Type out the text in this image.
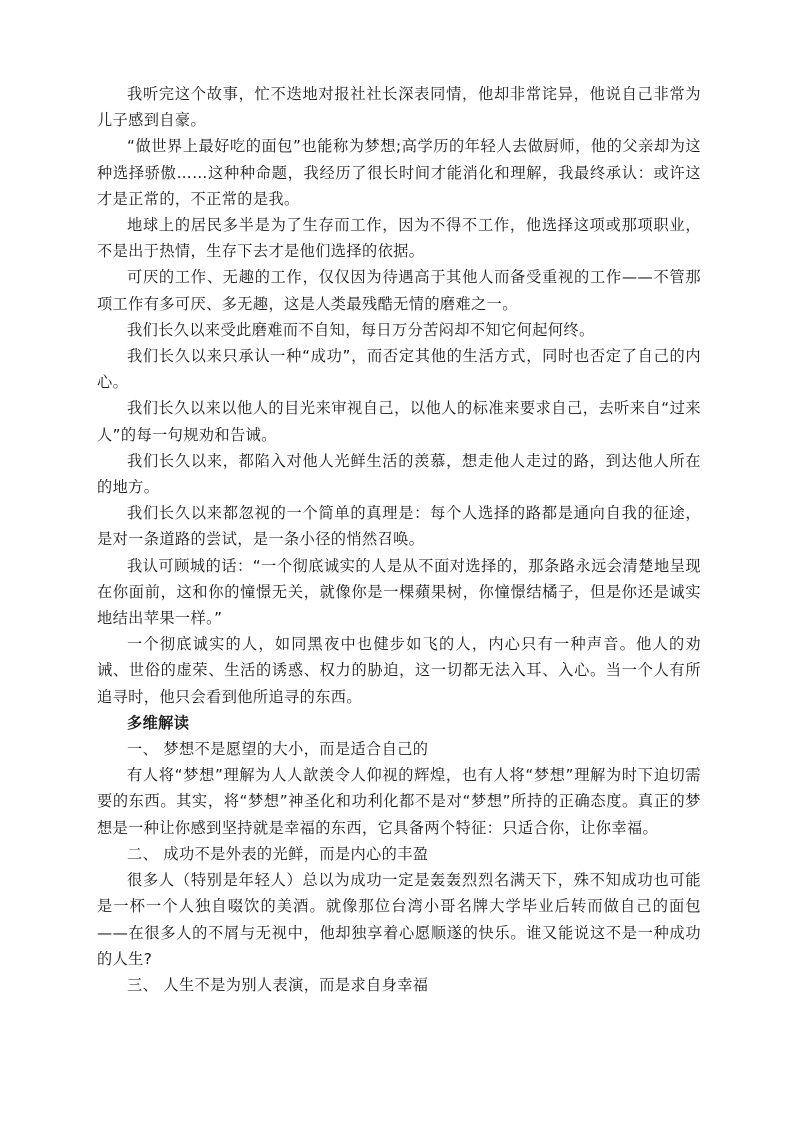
我听完这个故事，忙不迭地对报社社长深表同情，他却非常诧异，他说自己非常为儿子感到自豪。

“做世界上最好吃的面包”也能称为梦想;高学历的年轻人去做厨师，他的父亲却为这种选择骄傲……这种种命题，我经历了很长时间才能消化和理解，我最终承认：或许这才是正常的，不正常的是我。

地球上的居民多半是为了生存而工作，因为不得不工作，他选择这项或那项职业，不是出于热情，生存下去才是他们选择的依据。

可厌的工作、无趣的工作，仅仅因为待遇高于其他人而备受重视的工作——不管那项工作有多可厌、多无趣，这是人类最残酷无情的磨难之一。

我们长久以来受此磨难而不自知，每日万分苦闷却不知它何起何终。

我们长久以来只承认一种“成功”，而否定其他的生活方式，同时也否定了自己的内心。

我们长久以来以他人的目光来审视自己，以他人的标准来要求自己，去听来自“过来人”的每一句规劝和告诫。

我们长久以来，都陷入对他人光鲜生活的羡慕，想走他人走过的路，到达他人所在的地方。

我们长久以来都忽视的一个简单的真理是：每个人选择的路都是通向自我的征途，是对一条道路的尝试，是一条小径的悄然召唤。

我认可顾城的话：“一个彻底诚实的人是从不面对选择的，那条路永远会清楚地呈现在你面前，这和你的憧憬无关，就像你是一棵蘋果树，你憧憬结橘子，但是你还是诚实地结出苹果一样。”

一个彻底诚实的人，如同黑夜中也健步如飞的人，内心只有一种声音。他人的劝诫、世俗的虚荣、生活的诱惑、权力的胁迫，这一切都无法入耳、入心。当一个人有所追寻时，他只会看到他所追寻的东西。

多维解读

一、 梦想不是愿望的大小，而是适合自己的

有人将“梦想”理解为人人歆羡令人仰视的辉煌，也有人将“梦想”理解为时下迫切需要的东西。其实，将“梦想”神圣化和功利化都不是对“梦想”所持的正确态度。真正的梦想是一种让你感到坚持就是幸福的东西，它具备两个特征：只适合你，让你幸福。

二、 成功不是外表的光鲜，而是内心的丰盈

很多人（特别是年轻人）总以为成功一定是轰轰烈烈名满天下，殊不知成功也可能是一杯一个人独自啜饮的美酒。就像那位台湾小哥名牌大学毕业后转而做自己的面包——在很多人的不屑与无视中，他却独享着心愿顺遂的快乐。谁又能说这不是一种成功的人生?

三、 人生不是为别人表演，而是求自身幸福
